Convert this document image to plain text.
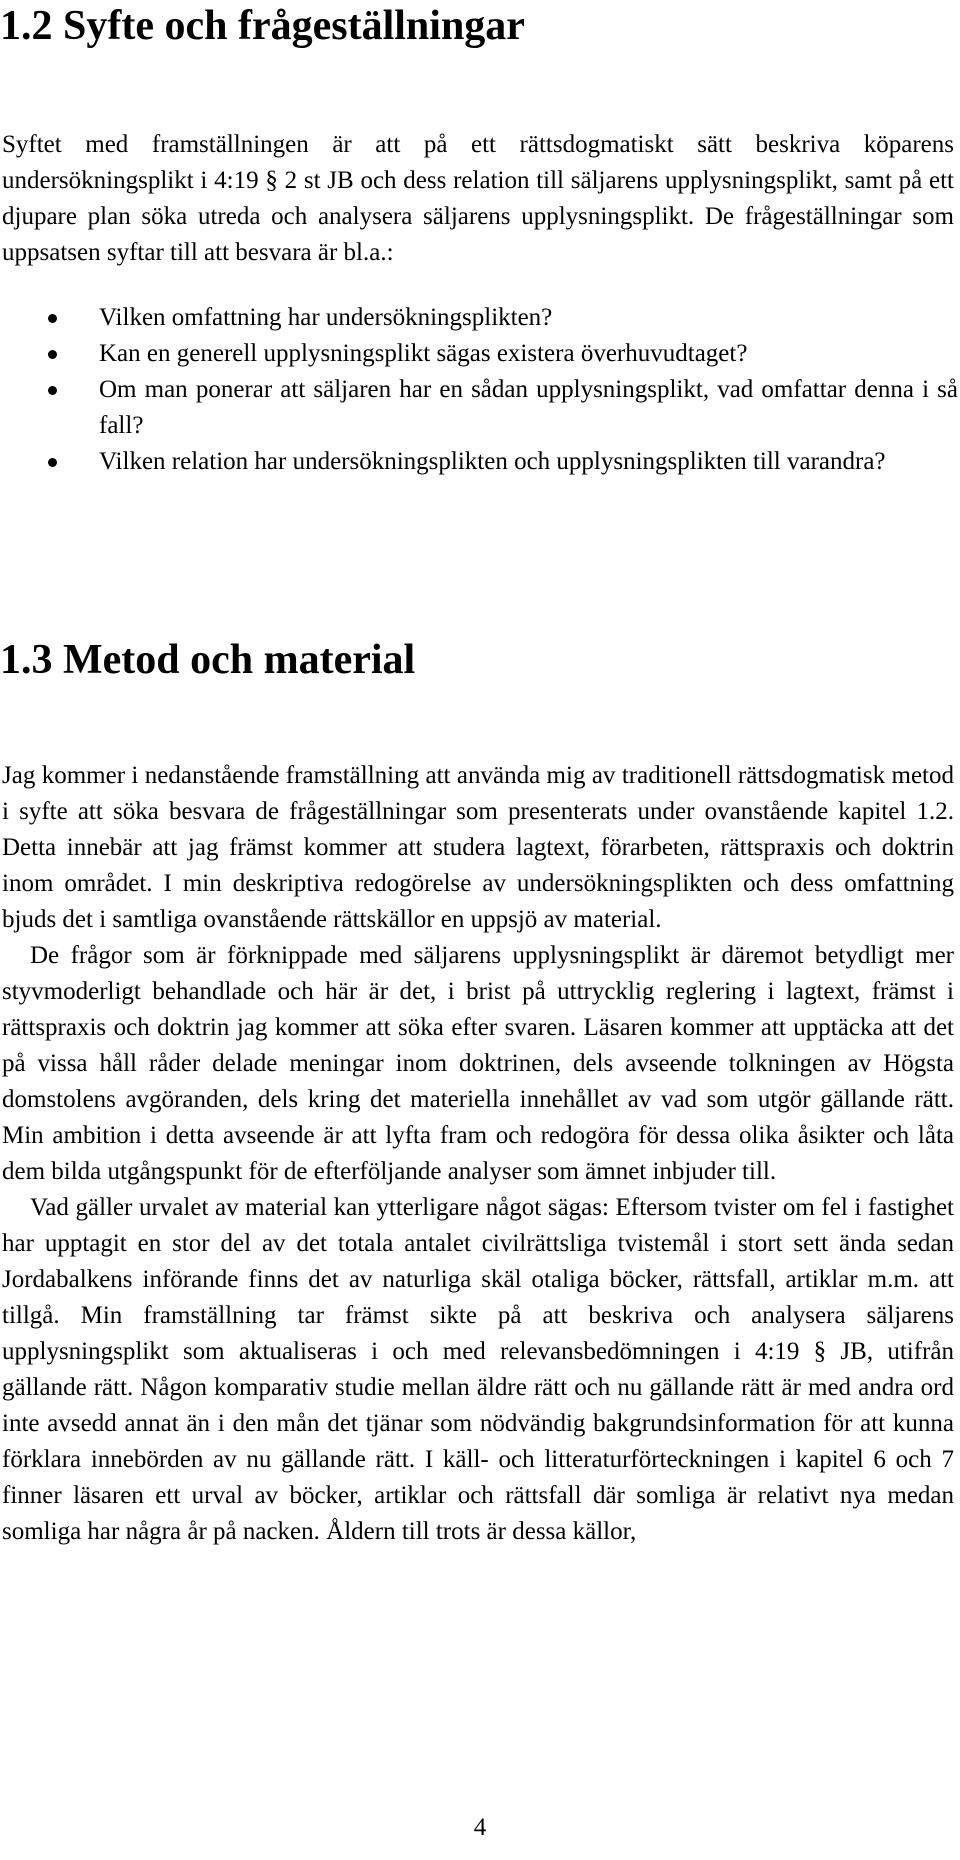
1.2 Syfte och frågeställningar

Syftet med framställningen är att på ett rättsdogmatiskt sätt beskriva köparens undersökningsplikt i 4:19 § 2 st JB och dess relation till säljarens upplysningsplikt, samt på ett djupare plan söka utreda och analysera säljarens upplysningsplikt. De frågeställningar som uppsatsen syftar till att besvara är bl.a.:

Vilken omfattning har undersökningsplikten?
Kan en generell upplysningsplikt sägas existera överhuvudtaget?
Om man ponerar att säljaren har en sådan upplysningsplikt, vad omfattar denna i så fall?
Vilken relation har undersökningsplikten och upplysningsplikten till varandra?
1.3 Metod och material

Jag kommer i nedanstående framställning att använda mig av traditionell rättsdogmatisk metod i syfte att söka besvara de frågeställningar som presenterats under ovanstående kapitel 1.2. Detta innebär att jag främst kommer att studera lagtext, förarbeten, rättspraxis och doktrin inom området. I min deskriptiva redogörelse av undersökningsplikten och dess omfattning bjuds det i samtliga ovanstående rättskällor en uppsjö av material.

De frågor som är förknippade med säljarens upplysningsplikt är däremot betydligt mer styvmoderligt behandlade och här är det, i brist på uttrycklig reglering i lagtext, främst i rättspraxis och doktrin jag kommer att söka efter svaren. Läsaren kommer att upptäcka att det på vissa håll råder delade meningar inom doktrinen, dels avseende tolkningen av Högsta domstolens avgöranden, dels kring det materiella innehållet av vad som utgör gällande rätt. Min ambition i detta avseende är att lyfta fram och redogöra för dessa olika åsikter och låta dem bilda utgångspunkt för de efterföljande analyser som ämnet inbjuder till.

Vad gäller urvalet av material kan ytterligare något sägas: Eftersom tvister om fel i fastighet har upptagit en stor del av det totala antalet civilrättsliga tvistemål i stort sett ända sedan Jordabalkens införande finns det av naturliga skäl otaliga böcker, rättsfall, artiklar m.m. att tillgå. Min framställning tar främst sikte på att beskriva och analysera säljarens upplysningsplikt som aktualiseras i och med relevansbedömningen i 4:19 § JB, utifrån gällande rätt. Någon komparativ studie mellan äldre rätt och nu gällande rätt är med andra ord inte avsedd annat än i den mån det tjänar som nödvändig bakgrundsinformation för att kunna förklara innebörden av nu gällande rätt. I käll- och litteraturförteckningen i kapitel 6 och 7 finner läsaren ett urval av böcker, artiklar och rättsfall där somliga är relativt nya medan somliga har några år på nacken. Åldern till trots är dessa källor,

4
